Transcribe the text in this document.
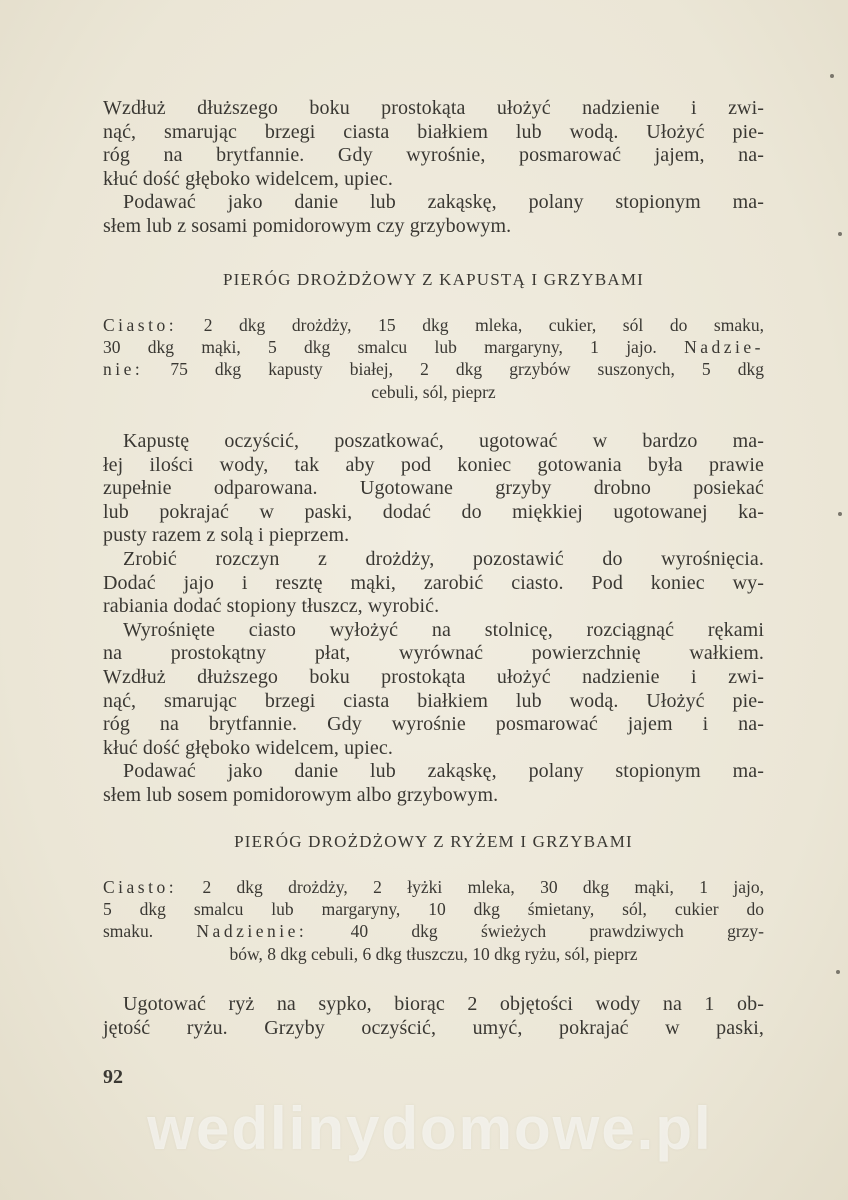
Wzdłuż dłuższego boku prostokąta ułożyć nadzienie i zwi-
nąć, smarując brzegi ciasta białkiem lub wodą. Ułożyć pie-
róg na brytfannie. Gdy wyrośnie, posmarować jajem, na-
kłuć dość głęboko widelcem, upiec.
Podawać jako danie lub zakąskę, polany stopionym ma-
słem lub z sosami pomidorowym czy grzybowym.
PIERÓG DROŻDŻOWY Z KAPUSTĄ I GRZYBAMI
Ciasto: 2 dkg drożdży, 15 dkg mleka, cukier, sól do smaku,
30 dkg mąki, 5 dkg smalcu lub margaryny, 1 jajo. Nadzie-
nie: 75 dkg kapusty białej, 2 dkg grzybów suszonych, 5 dkg
cebuli, sól, pieprz
Kapustę oczyścić, poszatkować, ugotować w bardzo ma-
łej ilości wody, tak aby pod koniec gotowania była prawie
zupełnie odparowana. Ugotowane grzyby drobno posiekać
lub pokrajać w paski, dodać do miękkiej ugotowanej ka-
pusty razem z solą i pieprzem.
Zrobić rozczyn z drożdży, pozostawić do wyrośnięcia.
Dodać jajo i resztę mąki, zarobić ciasto. Pod koniec wy-
rabiania dodać stopiony tłuszcz, wyrobić.
Wyrośnięte ciasto wyłożyć na stolnicę, rozciągnąć rękami
na prostokątny płat, wyrównać powierzchnię wałkiem.
Wzdłuż dłuższego boku prostokąta ułożyć nadzienie i zwi-
nąć, smarując brzegi ciasta białkiem lub wodą. Ułożyć pie-
róg na brytfannie. Gdy wyrośnie posmarować jajem i na-
kłuć dość głęboko widelcem, upiec.
Podawać jako danie lub zakąskę, polany stopionym ma-
słem lub sosem pomidorowym albo grzybowym.
PIERÓG DROŻDŻOWY Z RYŻEM I GRZYBAMI
Ciasto: 2 dkg drożdży, 2 łyżki mleka, 30 dkg mąki, 1 jajo,
5 dkg smalcu lub margaryny, 10 dkg śmietany, sól, cukier do
smaku. Nadzienie: 40 dkg świeżych prawdziwych grzy-
bów, 8 dkg cebuli, 6 dkg tłuszczu, 10 dkg ryżu, sól, pieprz
Ugotować ryż na sypko, biorąc 2 objętości wody na 1 ob-
jętość ryżu. Grzyby oczyścić, umyć, pokrajać w paski,
92
wedlinydomowe.pl
